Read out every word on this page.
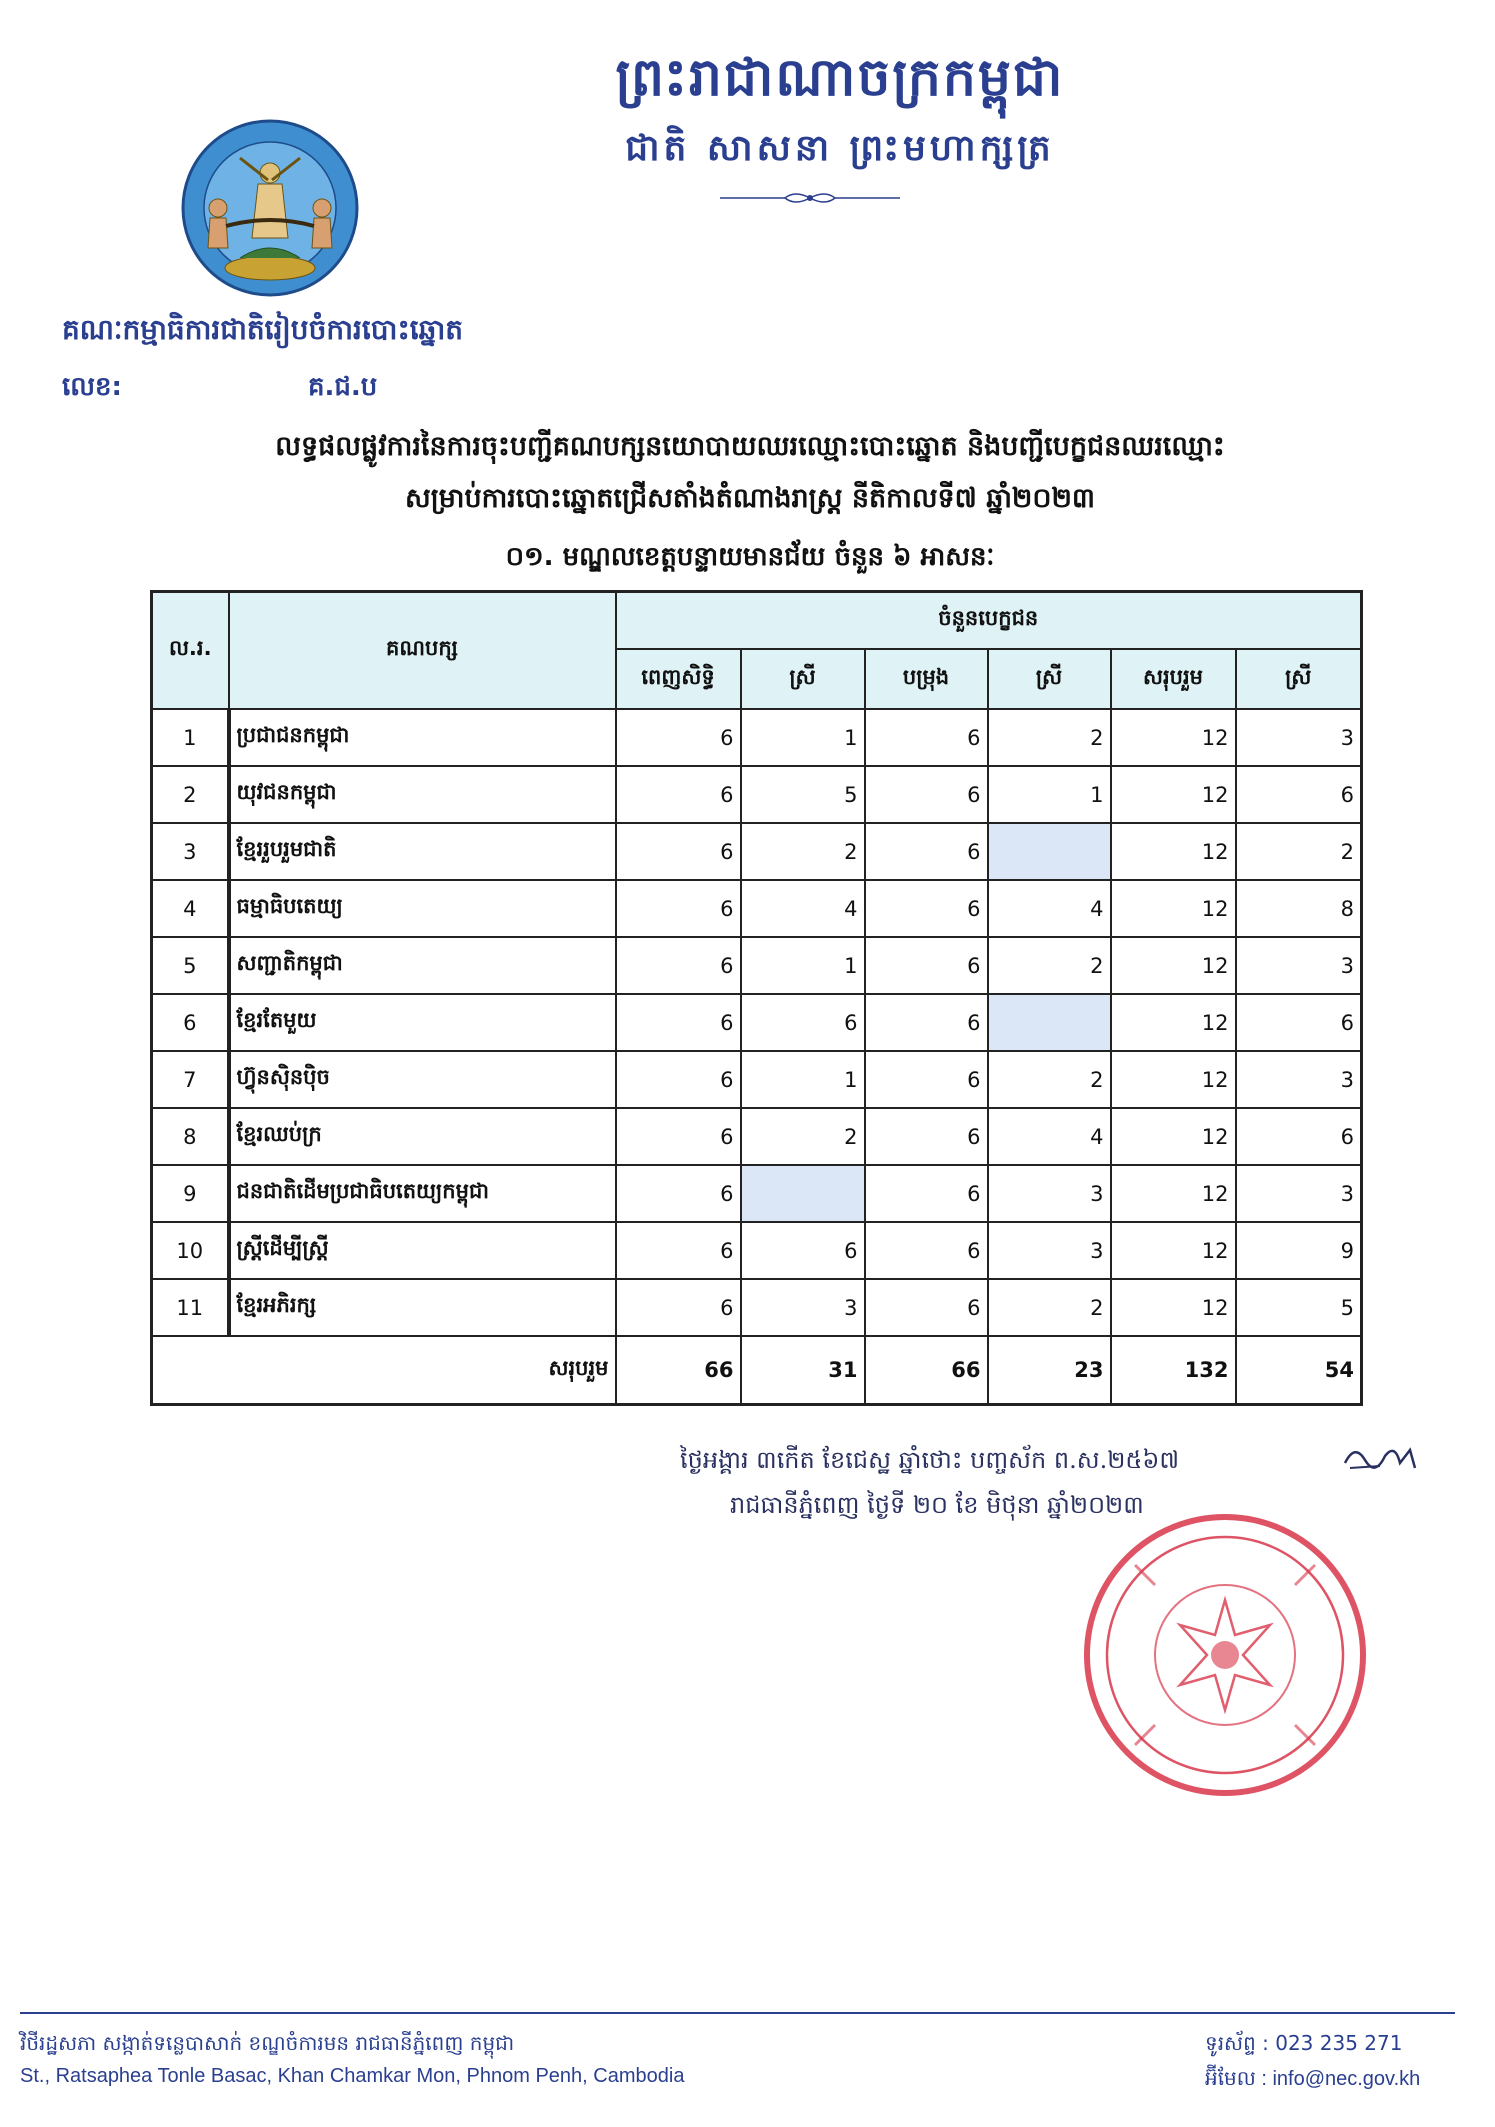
ព្រះរាជាណាចក្រកម្ពុជា
ជាតិ សាសនា ព្រះមហាក្សត្រ
គណៈកម្មាធិការជាតិរៀបចំការបោះឆ្នោត
លេខ:	គ.ជ.ប
លទ្ធផលផ្លូវការនៃការចុះបញ្ជីគណបក្សនយោបាយឈរឈ្មោះបោះឆ្នោត និងបញ្ជីបេក្ខជនឈរឈ្មោះ
សម្រាប់ការបោះឆ្នោតជ្រើសតាំងតំណាងរាស្ត្រ នីតិកាលទី៧ ឆ្នាំ២០២៣
០១. មណ្ឌលខេត្តបន្ទាយមានជ័យ ចំនួន ៦ អាសនៈ
ល.រ.	គណបក្ស	ចំនួនបេក្ខជន					
		ពេញសិទ្ធិ	ស្រី	បម្រុង	ស្រី	សរុបរួម	ស្រី
1	ប្រជាជនកម្ពុជា	6	1	6	2	12	3
2	យុវជនកម្ពុជា	6	5	6	1	12	6
3	ខ្មែររួបរួមជាតិ	6	2	6		12	2
4	ធម្មាធិបតេយ្យ	6	4	6	4	12	8
5	សញ្ជាតិកម្ពុជា	6	1	6	2	12	3
6	ខ្មែរតែមួយ	6	6	6		12	6
7	ហ៊្វុនស៊ិនប៉ិច	6	1	6	2	12	3
8	ខ្មែរឈប់ក្រ	6	2	6	4	12	6
9	ជនជាតិដើមប្រជាធិបតេយ្យកម្ពុជា	6		6	3	12	3
10	ស្ត្រីដើម្បីស្ត្រី	6	6	6	3	12	9
11	ខ្មែរអភិរក្ស	6	3	6	2	12	5
សរុបរួម		66	31	66	23	132	54
ថ្ងៃអង្គារ ៣កើត ខែជេស្ឋ ឆ្នាំថោះ បញ្ចស័ក ព.ស.២៥៦៧
រាជធានីភ្នំពេញ ថ្ងៃទី ២០ ខែ មិថុនា ឆ្នាំ២០២៣
វិថីរដ្ឋសភា សង្កាត់ទន្លេបាសាក់ ខណ្ឌចំការមន រាជធានីភ្នំពេញ កម្ពុជា
St., Ratsaphea Tonle Basac, Khan Chamkar Mon, Phnom Penh, Cambodia
ទូរស័ព្ទ : 023 235 271
អ៊ីមែល : info@nec.gov.kh
